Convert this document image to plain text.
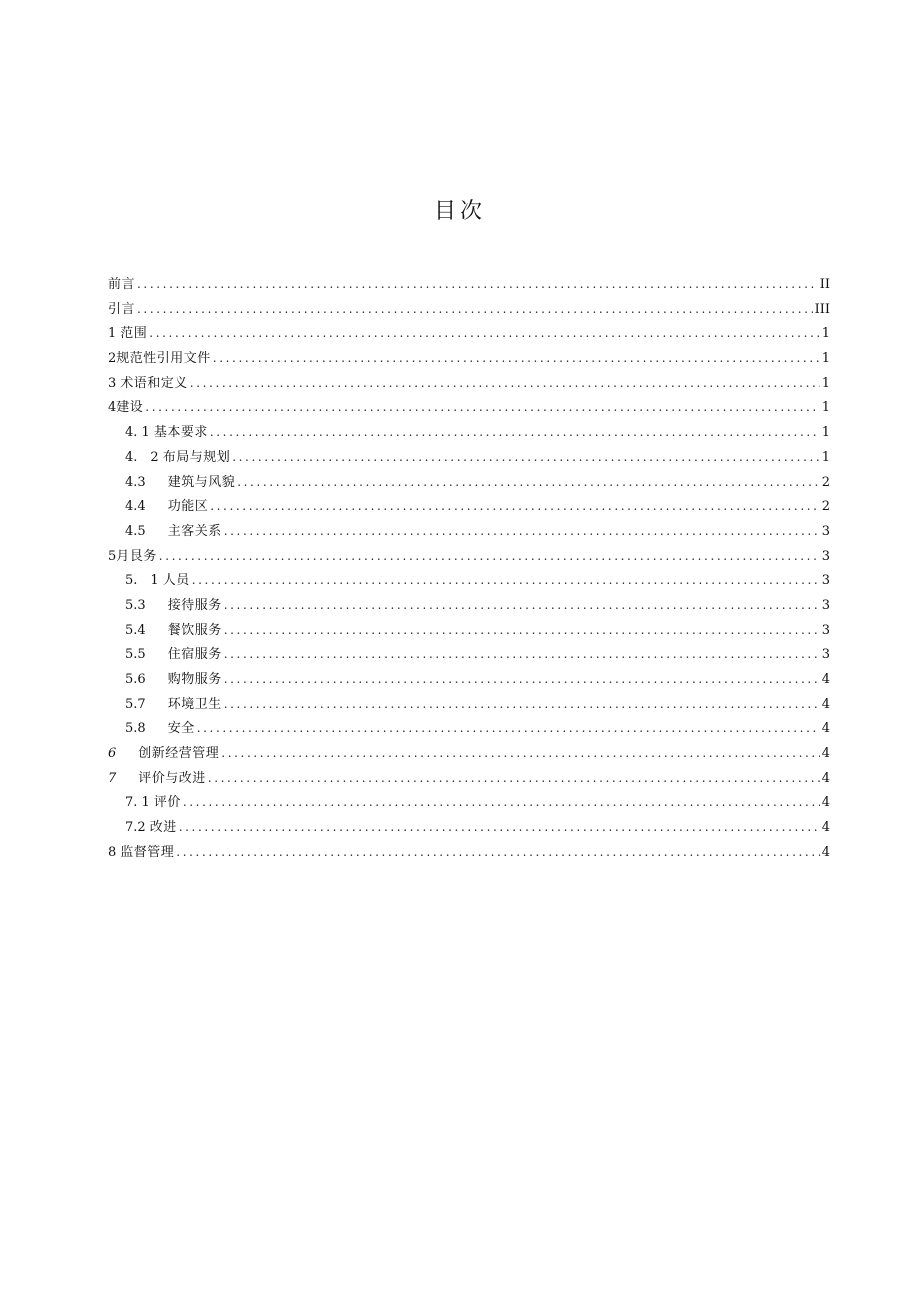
目次
前言 .....	II
引言 .....	III
1 范围 .....	1
2 规范性引用文件 .....	1
3 术语和定义 .....	1
4 建设 .....	1
4. 1 基本要求 .....	1
4.　2 布局与规划 .....	1
4.3 建筑与风貌 .....	2
4.4 功能区 .....	2
4.5 主客关系 .....	3
5 月艮务 .....	3
5.　1 人员 .....	3
5.3 接待服务 .....	3
5.4 餐饮服务 .....	3
5.5 住宿服务 .....	3
5.6 购物服务 .....	4
5.7 环境卫生 .....	4
5.8 安全 .....	4
6 创新经营管理 .....	4
7 评价与改进 .....	4
7. 1 评价 .....	4
7.2 改进 .....	4
8 监督管理 .....	4
